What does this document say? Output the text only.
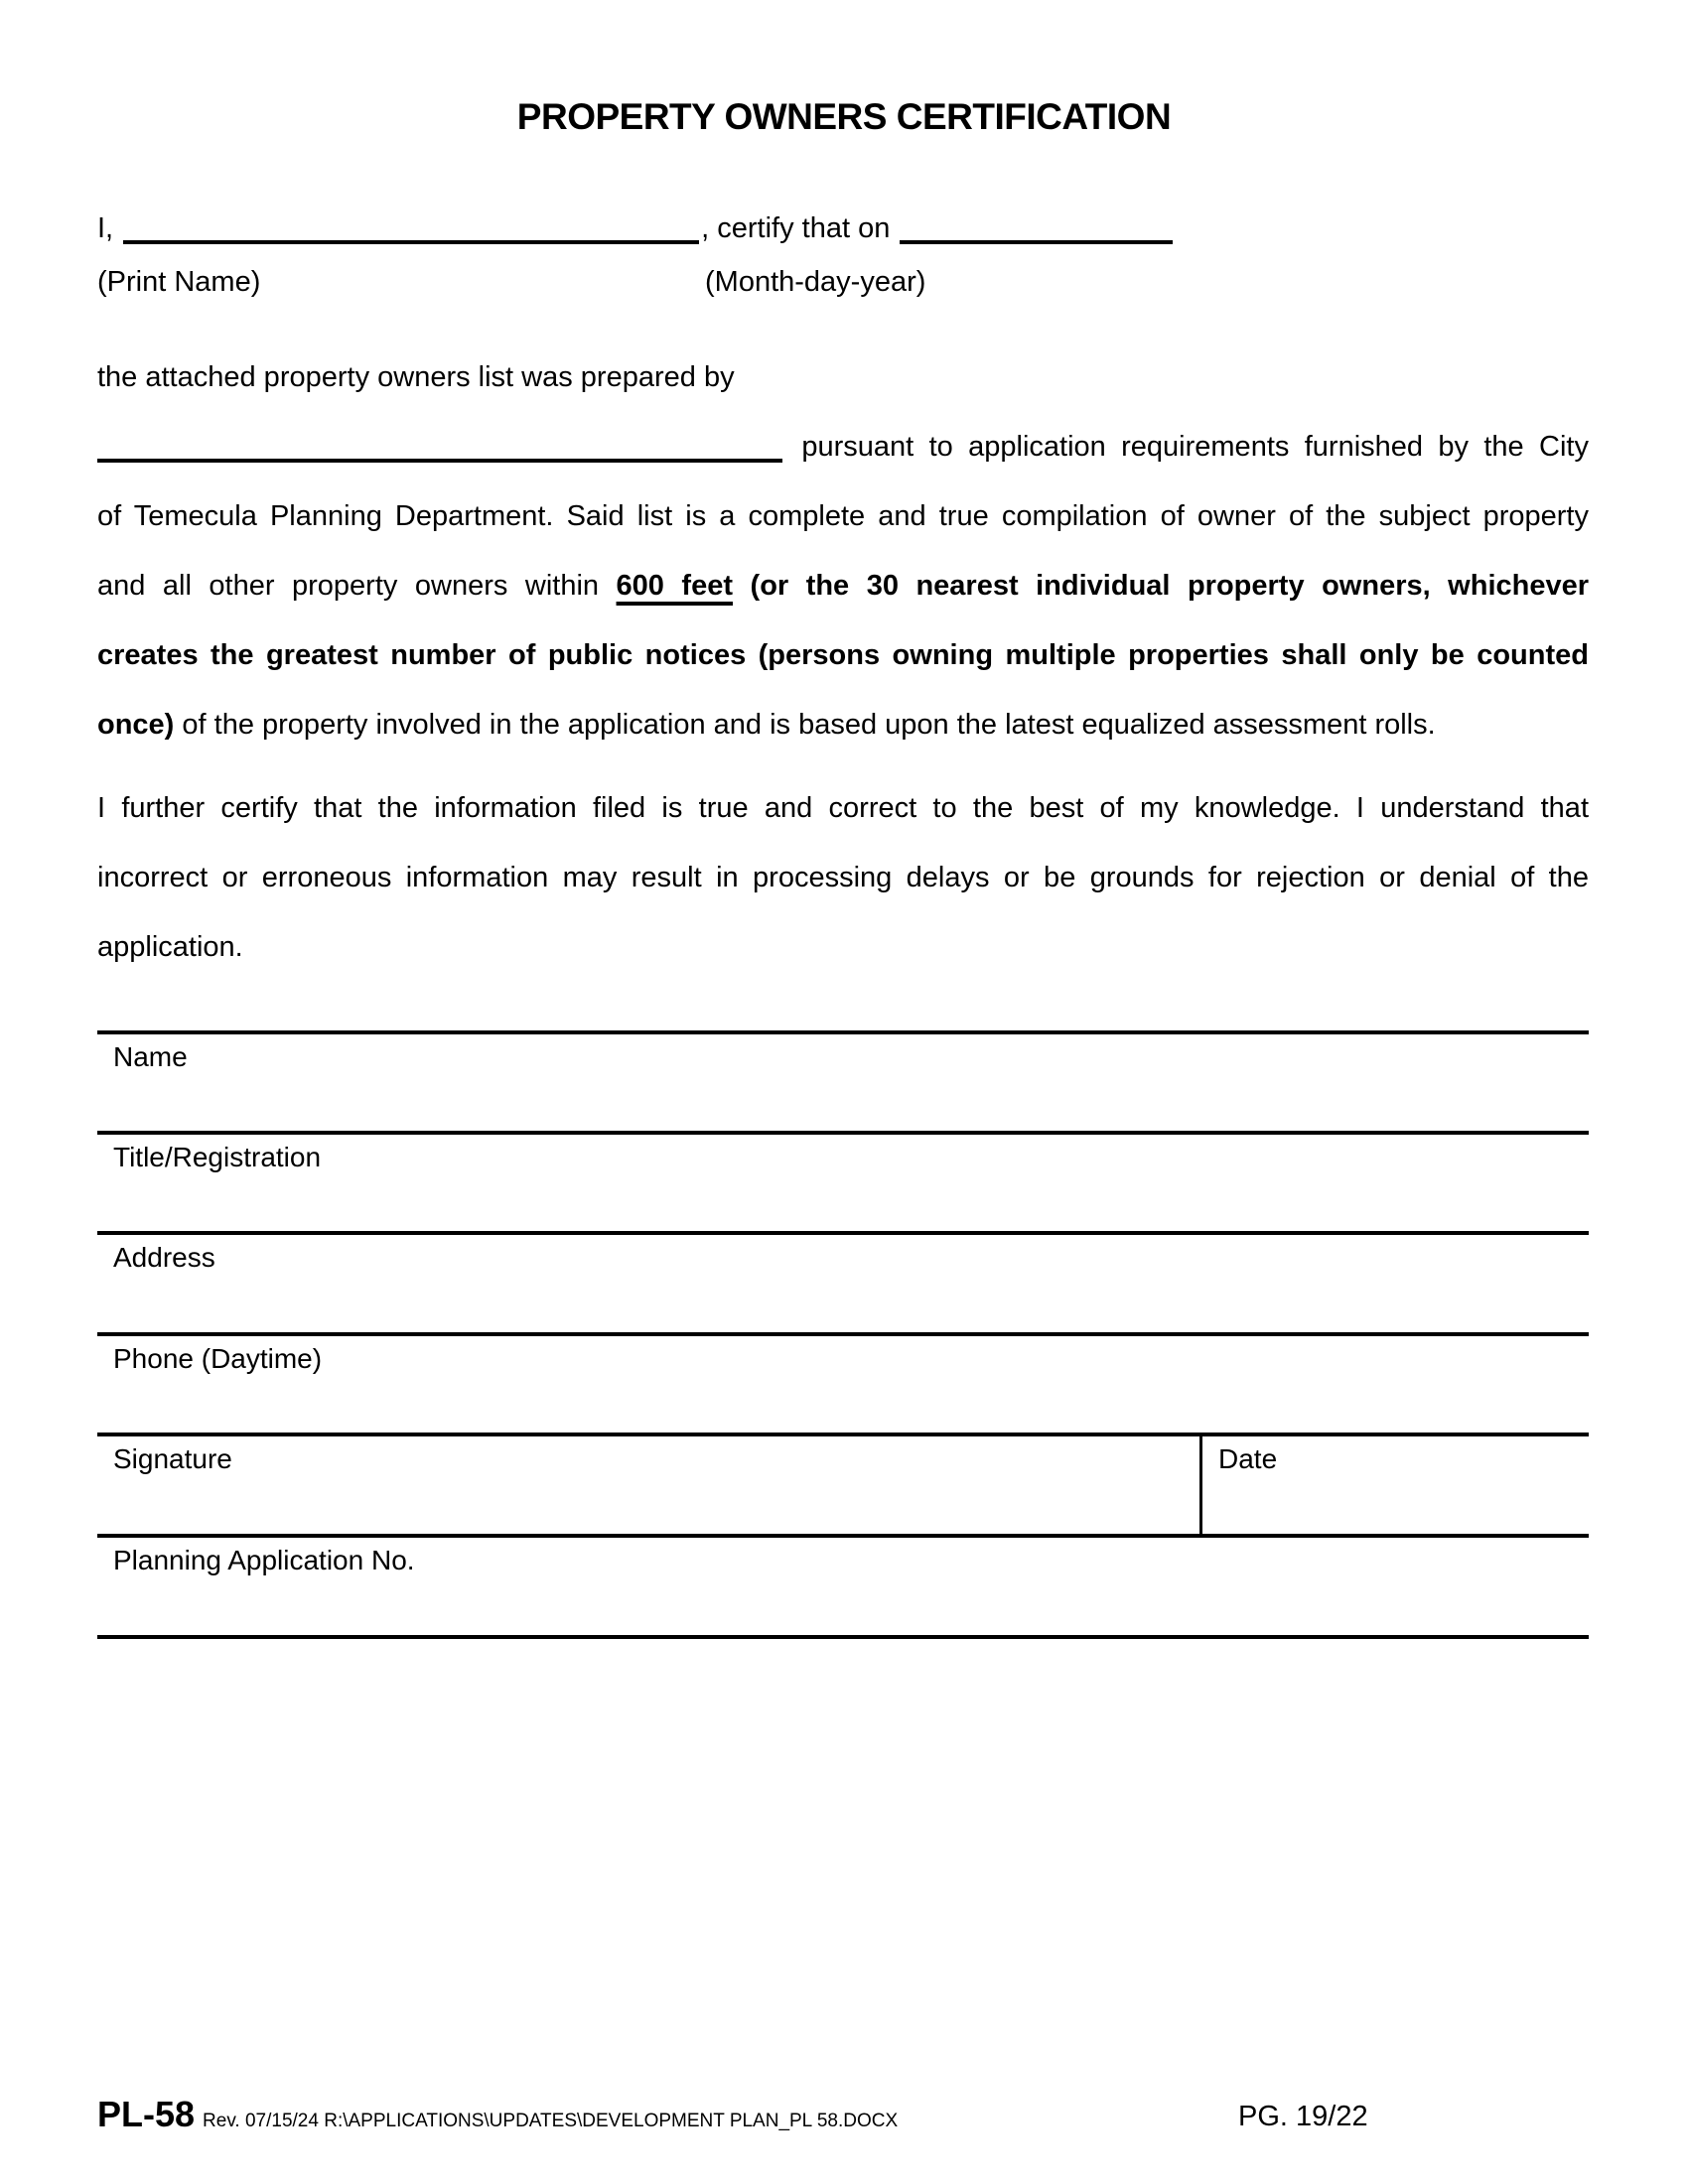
PROPERTY OWNERS CERTIFICATION
I,	, certify that on
(Print Name)	(Month-day-year)
the attached property owners list was prepared by
pursuant to application requirements furnished by the City
of Temecula Planning Department. Said list is a complete and true compilation of owner of the subject property
and all other property owners within 600 feet (or the 30 nearest individual property owners, whichever
creates the greatest number of public notices (persons owning multiple properties shall only be counted
once) of the property involved in the application and is based upon the latest equalized assessment rolls.
I further certify that the information filed is true and correct to the best of my knowledge. I understand that
incorrect or erroneous information may result in processing delays or be grounds for rejection or denial of the
application.
Name
Title/Registration
Address
Phone (Daytime)
Signature	Date
Planning Application No.
PL-58 Rev. 07/15/24 R:\APPLICATIONS\UPDATES\DEVELOPMENT PLAN_PL 58.DOCX	PG. 19/22
